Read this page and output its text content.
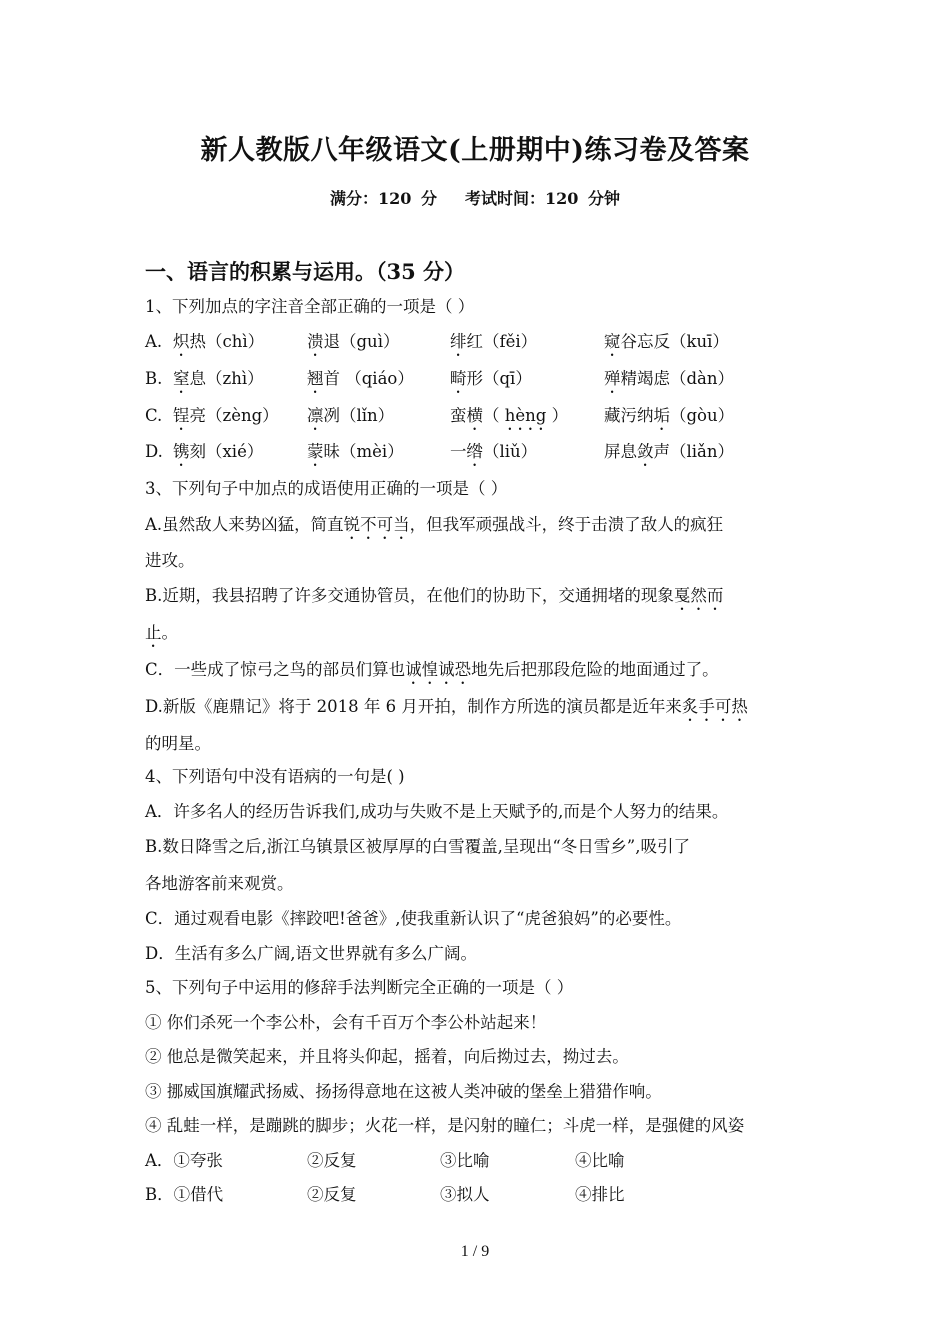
新人教版八年级语文(上册期中)练习卷及答案
满分：120 分 考试时间：120 分钟
一、语言的积累与运用。（35 分）
1、下列加点的字注音全部正确的一项是（ ）
A. 炽热（chì）	溃退（guì）	绯红（fěi）	窥谷忘反（kuī）
B. 窒息（zhì）	翘首 （qiáo） 畸形（qī）	殚精竭虑（dàn）
C. 锃亮（zèng） 凛冽（lǐn）	蛮横（ hèng ） 藏污纳垢（gòu）
D. 镌刻（xié）	蒙昧（mèi）	一绺（liǔ）	屏息敛声（liǎn）
3、下列句子中加点的成语使用正确的一项是（ ）
A.虽然敌人来势凶猛，简直锐不可当，但我军顽强战斗，终于击溃了敌人的疯狂
进攻。
B.近期，我县招聘了许多交通协管员，在他们的协助下，交通拥堵的现象戛然而
止。
C．一些成了惊弓之鸟的部员们算也诚惶诚恐地先后把那段危险的地面通过了。
D.新版《鹿鼎记》将于 2018 年 6 月开拍，制作方所选的演员都是近年来炙手可热
的明星。
4、下列语句中没有语病的一句是( )
A．许多名人的经历告诉我们,成功与失败不是上天赋予的,而是个人努力的结果。
B.数日降雪之后,浙江乌镇景区被厚厚的白雪覆盖,呈现出“冬日雪乡”,吸引了
各地游客前来观赏。
C．通过观看电影《摔跤吧!爸爸》,使我重新认识了“虎爸狼妈”的必要性。
D．生活有多么广阔,语文世界就有多么广阔。
5、下列句子中运用的修辞手法判断完全正确的一项是（ ）
① 你们杀死一个李公朴，会有千百万个李公朴站起来！
② 他总是微笑起来，并且将头仰起，摇着，向后拗过去，拗过去。
③ 挪威国旗耀武扬威、扬扬得意地在这被人类冲破的堡垒上猎猎作响。
④ 乱蛙一样，是蹦跳的脚步；火花一样，是闪射的瞳仁；斗虎一样，是强健的风姿
A．①夸张	②反复	③比喻	④比喻
B．①借代	②反复	③拟人	④排比
1 / 9
